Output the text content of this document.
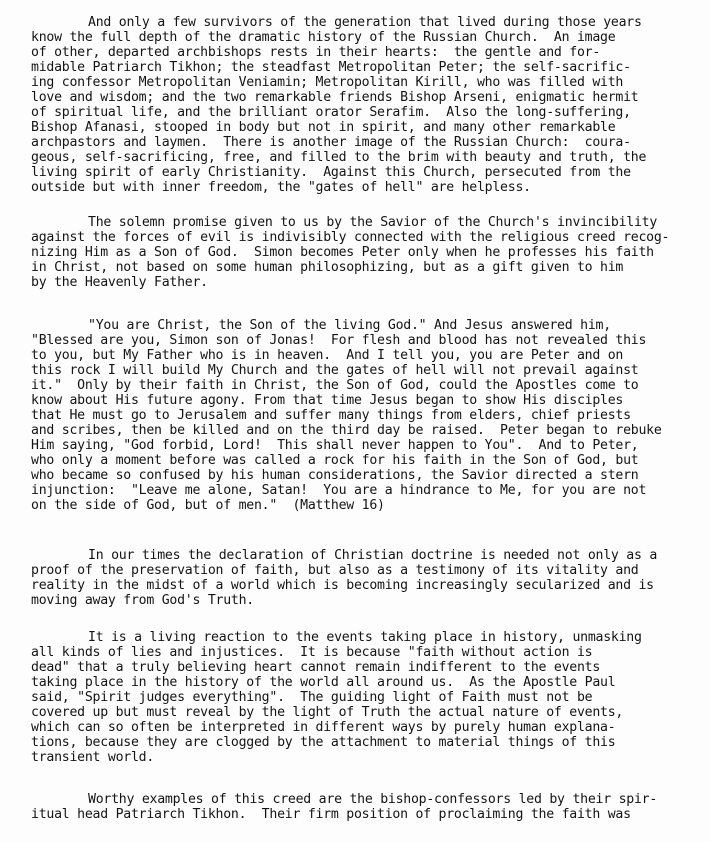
And only a few survivors of the generation that lived during those years
know the full depth of the dramatic history of the Russian Church.  An image
of other, departed archbishops rests in their hearts:  the gentle and for-
midable Patriarch Tikhon; the steadfast Metropolitan Peter; the self-sacrific-
ing confessor Metropolitan Veniamin; Metropolitan Kirill, who was filled with
love and wisdom; and the two remarkable friends Bishop Arseni, enigmatic hermit
of spiritual life, and the brilliant orator Serafim.  Also the long-suffering,
Bishop Afanasi, stooped in body but not in spirit, and many other remarkable
archpastors and laymen.  There is another image of the Russian Church:  coura-
geous, self-sacrificing, free, and filled to the brim with beauty and truth, the
living spirit of early Christianity.  Against this Church, persecuted from the
outside but with inner freedom, the "gates of hell" are helpless.
The solemn promise given to us by the Savior of the Church's invincibility
against the forces of evil is indivisibly connected with the religious creed recog-
nizing Him as a Son of God.  Simon becomes Peter only when he professes his faith
in Christ, not based on some human philosophizing, but as a gift given to him
by the Heavenly Father.
"You are Christ, the Son of the living God." And Jesus answered him,
"Blessed are you, Simon son of Jonas!  For flesh and blood has not revealed this
to you, but My Father who is in heaven.  And I tell you, you are Peter and on
this rock I will build My Church and the gates of hell will not prevail against
it."  Only by their faith in Christ, the Son of God, could the Apostles come to
know about His future agony. From that time Jesus began to show His disciples
that He must go to Jerusalem and suffer many things from elders, chief priests
and scribes, then be killed and on the third day be raised.  Peter began to rebuke
Him saying, "God forbid, Lord!  This shall never happen to You".  And to Peter,
who only a moment before was called a rock for his faith in the Son of God, but
who became so confused by his human considerations, the Savior directed a stern
injunction:  "Leave me alone, Satan!  You are a hindrance to Me, for you are not
on the side of God, but of men."  (Matthew 16)
In our times the declaration of Christian doctrine is needed not only as a
proof of the preservation of faith, but also as a testimony of its vitality and
reality in the midst of a world which is becoming increasingly secularized and is
moving away from God's Truth.
It is a living reaction to the events taking place in history, unmasking
all kinds of lies and injustices.  It is because "faith without action is
dead" that a truly believing heart cannot remain indifferent to the events
taking place in the history of the world all around us.  As the Apostle Paul
said, "Spirit judges everything".  The guiding light of Faith must not be
covered up but must reveal by the light of Truth the actual nature of events,
which can so often be interpreted in different ways by purely human explana-
tions, because they are clogged by the attachment to material things of this
transient world.
Worthy examples of this creed are the bishop-confessors led by their spir-
itual head Patriarch Tikhon.  Their firm position of proclaiming the faith was
